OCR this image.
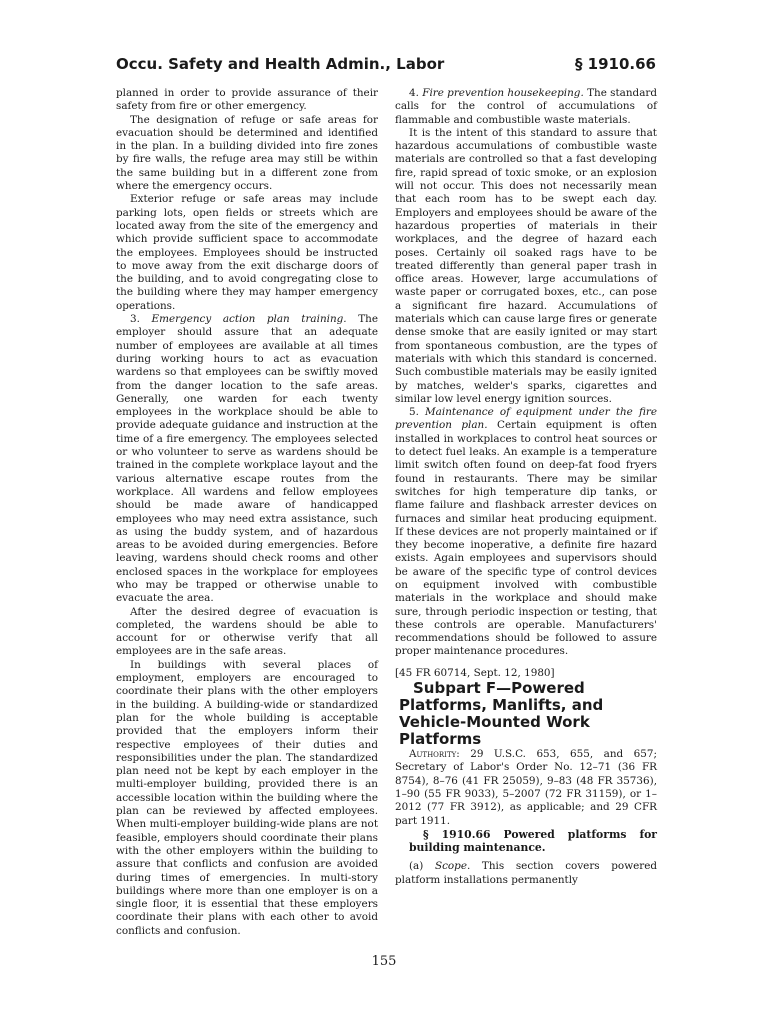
Occu. Safety and Health Admin., Labor	§ 1910.66

planned in order to provide assurance of their safety from fire or other emergency.

The designation of refuge or safe areas for evacuation should be determined and identified in the plan. In a building divided into fire zones by fire walls, the refuge area may still be within the same building but in a different zone from where the emergency occurs.

Exterior refuge or safe areas may include parking lots, open fields or streets which are located away from the site of the emergency and which provide sufficient space to accommodate the employees. Employees should be instructed to move away from the exit discharge doors of the building, and to avoid congregating close to the building where they may hamper emergency operations.

3. Emergency action plan training. The employer should assure that an adequate number of employees are available at all times during working hours to act as evacuation wardens so that employees can be swiftly moved from the danger location to the safe areas. Generally, one warden for each twenty employees in the workplace should be able to provide adequate guidance and instruction at the time of a fire emergency. The employees selected or who volunteer to serve as wardens should be trained in the complete workplace layout and the various alternative escape routes from the workplace. All wardens and fellow employees should be made aware of handicapped employees who may need extra assistance, such as using the buddy system, and of hazardous areas to be avoided during emergencies. Before leaving, wardens should check rooms and other enclosed spaces in the workplace for employees who may be trapped or otherwise unable to evacuate the area.

After the desired degree of evacuation is completed, the wardens should be able to account for or otherwise verify that all employees are in the safe areas.

In buildings with several places of employment, employers are encouraged to coordinate their plans with the other employers in the building. A building-wide or standardized plan for the whole building is acceptable provided that the employers inform their respective employees of their duties and responsibilities under the plan. The standardized plan need not be kept by each employer in the multi-employer building, provided there is an accessible location within the building where the plan can be reviewed by affected employees. When multi-employer building-wide plans are not feasible, employers should coordinate their plans with the other employers within the building to assure that conflicts and confusion are avoided during times of emergencies. In multi-story buildings where more than one employer is on a single floor, it is essential that these employers coordinate their plans with each other to avoid conflicts and confusion.

4. Fire prevention housekeeping. The standard calls for the control of accumulations of flammable and combustible waste materials.

It is the intent of this standard to assure that hazardous accumulations of combustible waste materials are controlled so that a fast developing fire, rapid spread of toxic smoke, or an explosion will not occur. This does not necessarily mean that each room has to be swept each day. Employers and employees should be aware of the hazardous properties of materials in their workplaces, and the degree of hazard each poses. Certainly oil soaked rags have to be treated differently than general paper trash in office areas. However, large accumulations of waste paper or corrugated boxes, etc., can pose a significant fire hazard. Accumulations of materials which can cause large fires or generate dense smoke that are easily ignited or may start from spontaneous combustion, are the types of materials with which this standard is concerned. Such combustible materials may be easily ignited by matches, welder's sparks, cigarettes and similar low level energy ignition sources.

5. Maintenance of equipment under the fire prevention plan. Certain equipment is often installed in workplaces to control heat sources or to detect fuel leaks. An example is a temperature limit switch often found on deep-fat food fryers found in restaurants. There may be similar switches for high temperature dip tanks, or flame failure and flashback arrester devices on furnaces and similar heat producing equipment. If these devices are not properly maintained or if they become inoperative, a definite fire hazard exists. Again employees and supervisors should be aware of the specific type of control devices on equipment involved with combustible materials in the workplace and should make sure, through periodic inspection or testing, that these controls are operable. Manufacturers' recommendations should be followed to assure proper maintenance procedures.

[45 FR 60714, Sept. 12, 1980]

Subpart F—Powered Platforms, Manlifts, and Vehicle-Mounted Work Platforms

Authority: 29 U.S.C. 653, 655, and 657; Secretary of Labor's Order No. 12–71 (36 FR 8754), 8–76 (41 FR 25059), 9–83 (48 FR 35736), 1–90 (55 FR 9033), 5–2007 (72 FR 31159), or 1–2012 (77 FR 3912), as applicable; and 29 CFR part 1911.

§ 1910.66 Powered platforms for building maintenance.

(a) Scope. This section covers powered platform installations permanently

155
